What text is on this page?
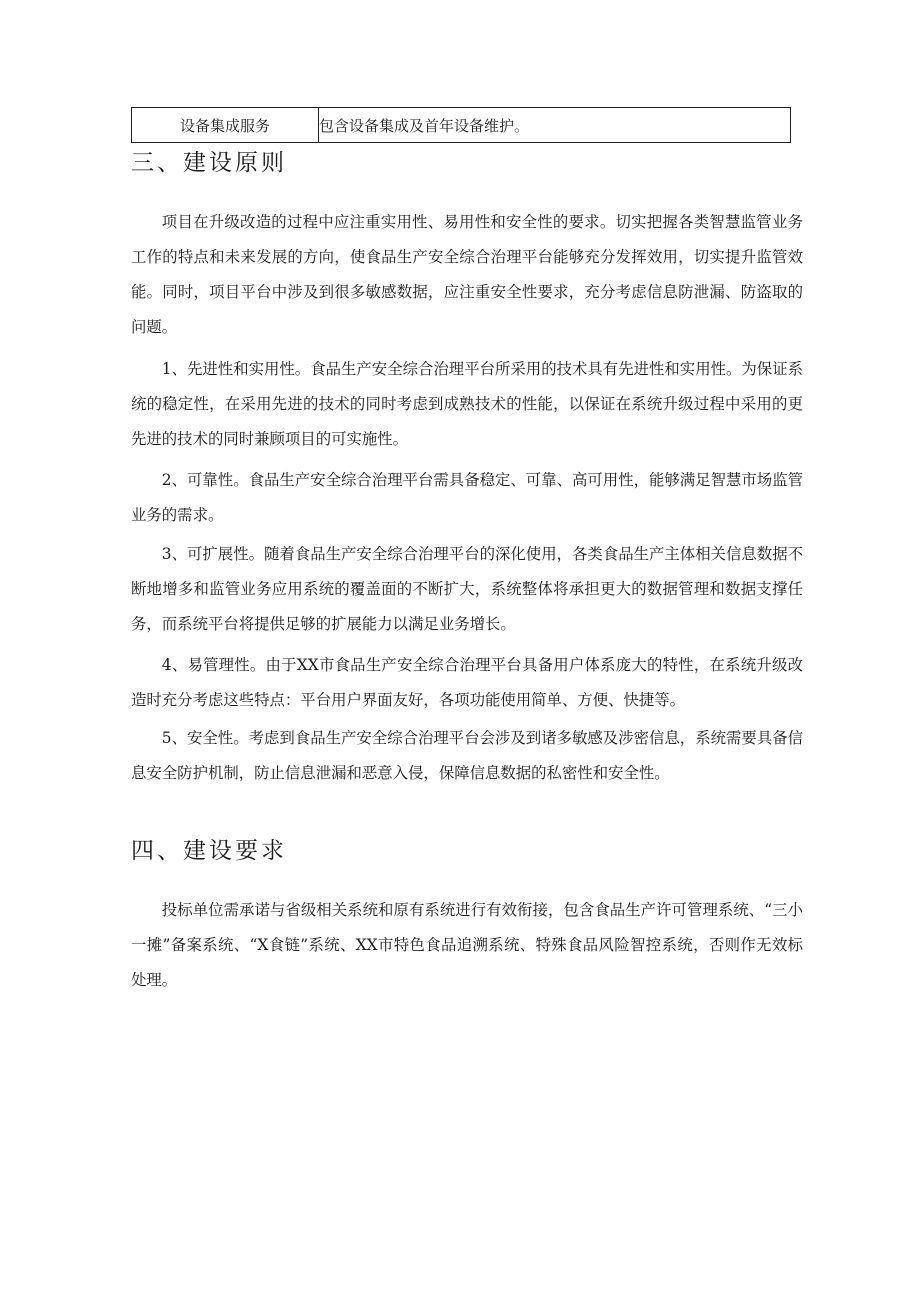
设备集成服务	包含设备集成及首年设备维护。
三、建设原则

项目在升级改造的过程中应注重实用性、易用性和安全性的要求。切实把握各类智慧监管业务工作的特点和未来发展的方向，使食品生产安全综合治理平台能够充分发挥效用，切实提升监管效能。同时，项目平台中涉及到很多敏感数据，应注重安全性要求，充分考虑信息防泄漏、防盗取的问题。

1、先进性和实用性。食品生产安全综合治理平台所采用的技术具有先进性和实用性。为保证系统的稳定性，在采用先进的技术的同时考虑到成熟技术的性能，以保证在系统升级过程中采用的更先进的技术的同时兼顾项目的可实施性。

2、可靠性。食品生产安全综合治理平台需具备稳定、可靠、高可用性，能够满足智慧市场监管业务的需求。

3、可扩展性。随着食品生产安全综合治理平台的深化使用，各类食品生产主体相关信息数据不断地增多和监管业务应用系统的覆盖面的不断扩大，系统整体将承担更大的数据管理和数据支撑任务，而系统平台将提供足够的扩展能力以满足业务增长。

4、易管理性。由于XX市食品生产安全综合治理平台具备用户体系庞大的特性，在系统升级改造时充分考虑这些特点：平台用户界面友好，各项功能使用简单、方便、快捷等。

5、安全性。考虑到食品生产安全综合治理平台会涉及到诸多敏感及涉密信息，系统需要具备信息安全防护机制，防止信息泄漏和恶意入侵，保障信息数据的私密性和安全性。

四、建设要求

投标单位需承诺与省级相关系统和原有系统进行有效衔接，包含食品生产许可管理系统、“三小一摊”备案系统、“X食链”系统、XX市特色食品追溯系统、特殊食品风险智控系统，否则作无效标处理。
